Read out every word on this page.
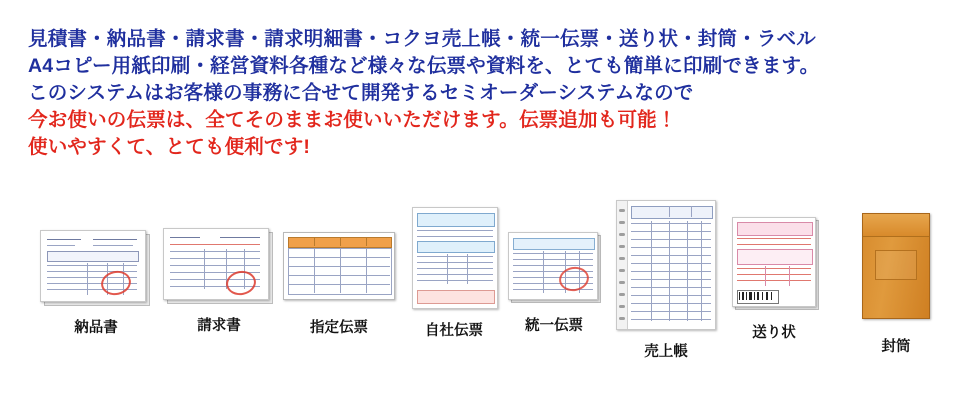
見積書・納品書・請求書・請求明細書・コクヨ売上帳・統一伝票・送り状・封筒・ラベル
A4コピー用紙印刷・経営資料各種など様々な伝票や資料を、とても簡単に印刷できます。
このシステムはお客様の事務に合せて開発するセミオーダーシステムなので
今お使いの伝票は、全てそのままお使いいただけます。伝票追加も可能！
使いやすくて、とても便利です!
納品書	請求書	指定伝票	自社伝票	統一伝票
売上帳
送り状
封筒
